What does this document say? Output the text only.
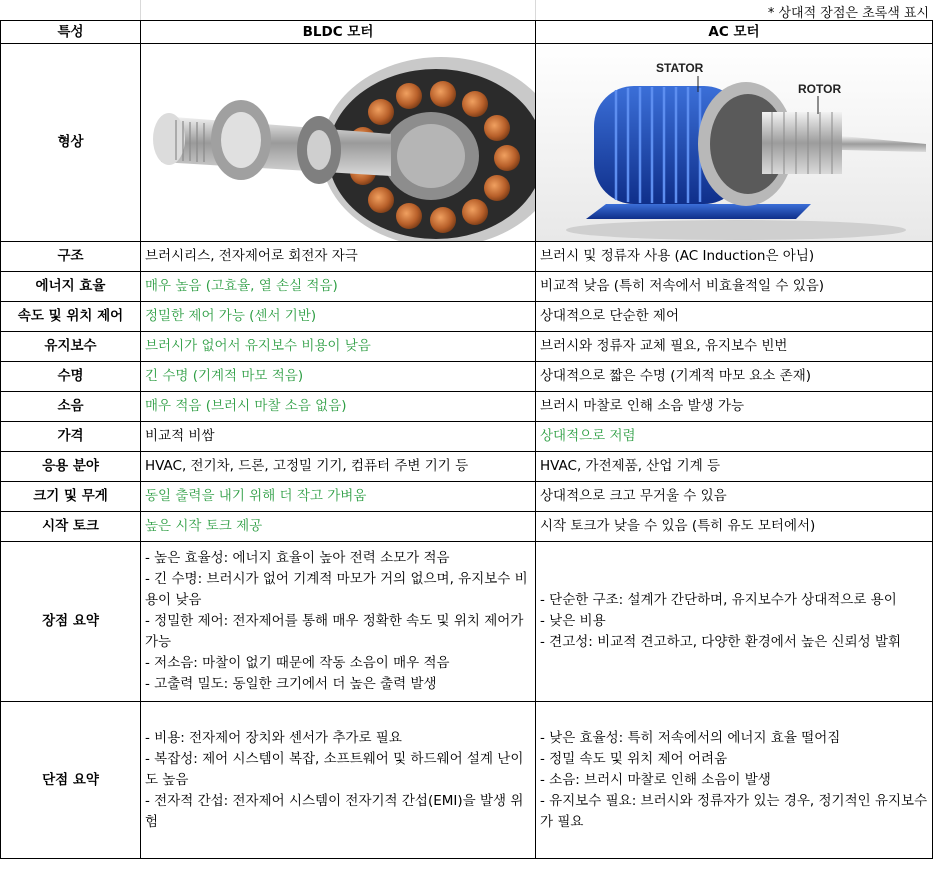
* 상대적 장점은 초록색 표시
특성	BLDC 모터	AC 모터
형상		STATOR
ROTOR

구조	브러시리스, 전자제어로 회전자 자극	브러시 및 정류자 사용 (AC Induction은 아님)
에너지 효율	매우 높음 (고효율, 열 손실 적음)	비교적 낮음 (특히 저속에서 비효율적일 수 있음)
속도 및 위치 제어	정밀한 제어 가능 (센서 기반)	상대적으로 단순한 제어
유지보수	브러시가 없어서 유지보수 비용이 낮음	브러시와 정류자 교체 필요, 유지보수 빈번
수명	긴 수명 (기계적 마모 적음)	상대적으로 짧은 수명 (기계적 마모 요소 존재)
소음	매우 적음 (브러시 마찰 소음 없음)	브러시 마찰로 인해 소음 발생 가능
가격	비교적 비쌈	상대적으로 저렴
응용 분야	HVAC, 전기차, 드론, 고정밀 기기, 컴퓨터 주변 기기 등	HVAC, 가전제품, 산업 기계 등
크기 및 무게	동일 출력을 내기 위해 더 작고 가벼움	상대적으로 크고 무거울 수 있음
시작 토크	높은 시작 토크 제공	시작 토크가 낮을 수 있음 (특히 유도 모터에서)
장점 요약	- 높은 효율성: 에너지 효율이 높아 전력 소모가 적음
- 긴 수명: 브러시가 없어 기계적 마모가 거의 없으며, 유지보수 비용이 낮음
- 정밀한 제어: 전자제어를 통해 매우 정확한 속도 및 위치 제어가 가능
- 저소음: 마찰이 없기 때문에 작동 소음이 매우 적음
- 고출력 밀도: 동일한 크기에서 더 높은 출력 발생	- 단순한 구조: 설계가 간단하며, 유지보수가 상대적으로 용이
- 낮은 비용
- 견고성: 비교적 견고하고, 다양한 환경에서 높은 신뢰성 발휘
단점 요약	- 비용: 전자제어 장치와 센서가 추가로 필요
- 복잡성: 제어 시스템이 복잡, 소프트웨어 및 하드웨어 설계 난이도 높음
- 전자적 간섭: 전자제어 시스템이 전자기적 간섭(EMI)을 발생 위험	- 낮은 효율성: 특히 저속에서의 에너지 효율 떨어짐
- 정밀 속도 및 위치 제어 어려움
- 소음: 브러시 마찰로 인해 소음이 발생
- 유지보수 필요: 브러시와 정류자가 있는 경우, 정기적인 유지보수가 필요
